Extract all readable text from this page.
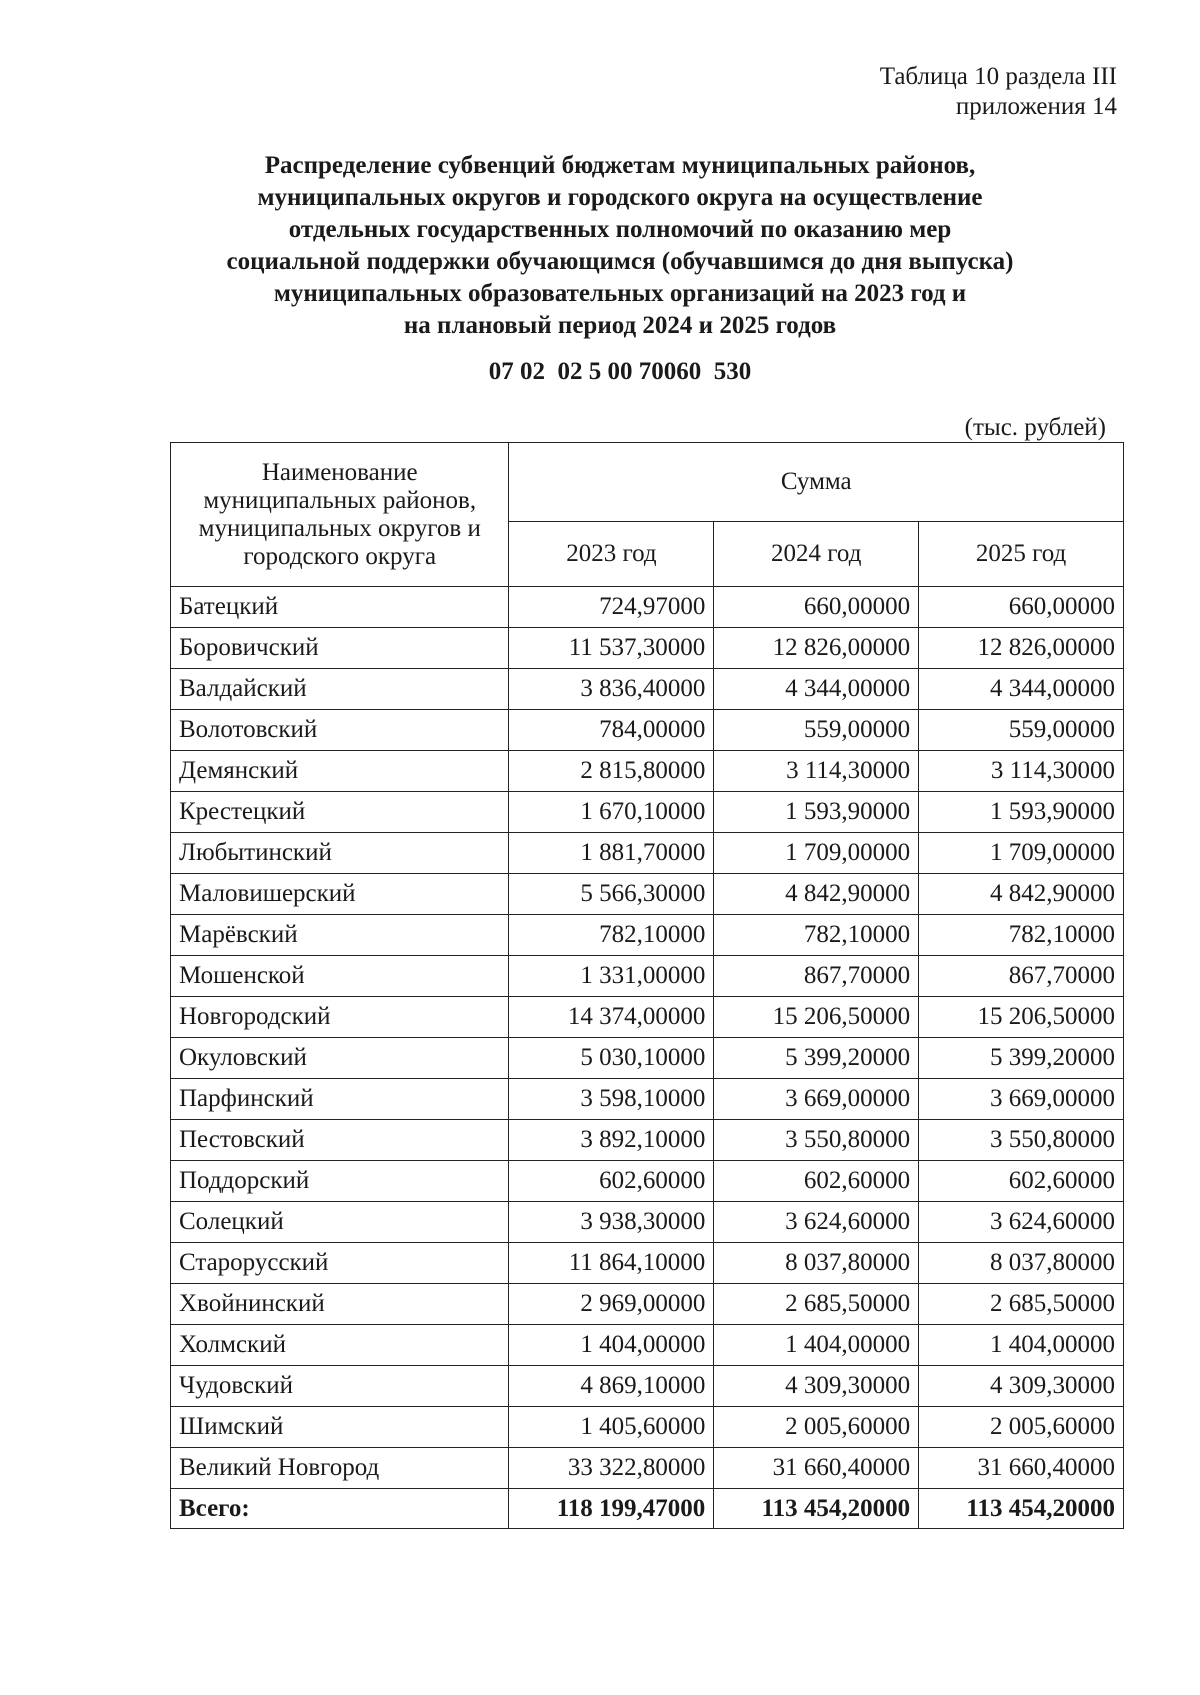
Таблица 10 раздела III
приложения 14
Распределение субвенций бюджетам муниципальных районов,
муниципальных округов и городского округа на осуществление
отдельных государственных полномочий по оказанию мер
социальной поддержки обучающимся (обучавшимся до дня выпуска)
муниципальных образовательных организаций на 2023 год и
на плановый период 2024 и 2025 годов
07 02  02 5 00 70060  530
(тыс. рублей)
Наименование муниципальных районов, муниципальных округов и городского округа	Сумма		
	2023 год	2024 год	2025 год
Батецкий	724,97000	660,00000	660,00000
Боровичский	11 537,30000	12 826,00000	12 826,00000
Валдайский	3 836,40000	4 344,00000	4 344,00000
Волотовский	784,00000	559,00000	559,00000
Демянский	2 815,80000	3 114,30000	3 114,30000
Крестецкий	1 670,10000	1 593,90000	1 593,90000
Любытинский	1 881,70000	1 709,00000	1 709,00000
Маловишерский	5 566,30000	4 842,90000	4 842,90000
Марёвский	782,10000	782,10000	782,10000
Мошенской	1 331,00000	867,70000	867,70000
Новгородский	14 374,00000	15 206,50000	15 206,50000
Окуловский	5 030,10000	5 399,20000	5 399,20000
Парфинский	3 598,10000	3 669,00000	3 669,00000
Пестовский	3 892,10000	3 550,80000	3 550,80000
Поддорский	602,60000	602,60000	602,60000
Солецкий	3 938,30000	3 624,60000	3 624,60000
Старорусский	11 864,10000	8 037,80000	8 037,80000
Хвойнинский	2 969,00000	2 685,50000	2 685,50000
Холмский	1 404,00000	1 404,00000	1 404,00000
Чудовский	4 869,10000	4 309,30000	4 309,30000
Шимский	1 405,60000	2 005,60000	2 005,60000
Великий Новгород	33 322,80000	31 660,40000	31 660,40000
Всего:	118 199,47000	113 454,20000	113 454,20000
